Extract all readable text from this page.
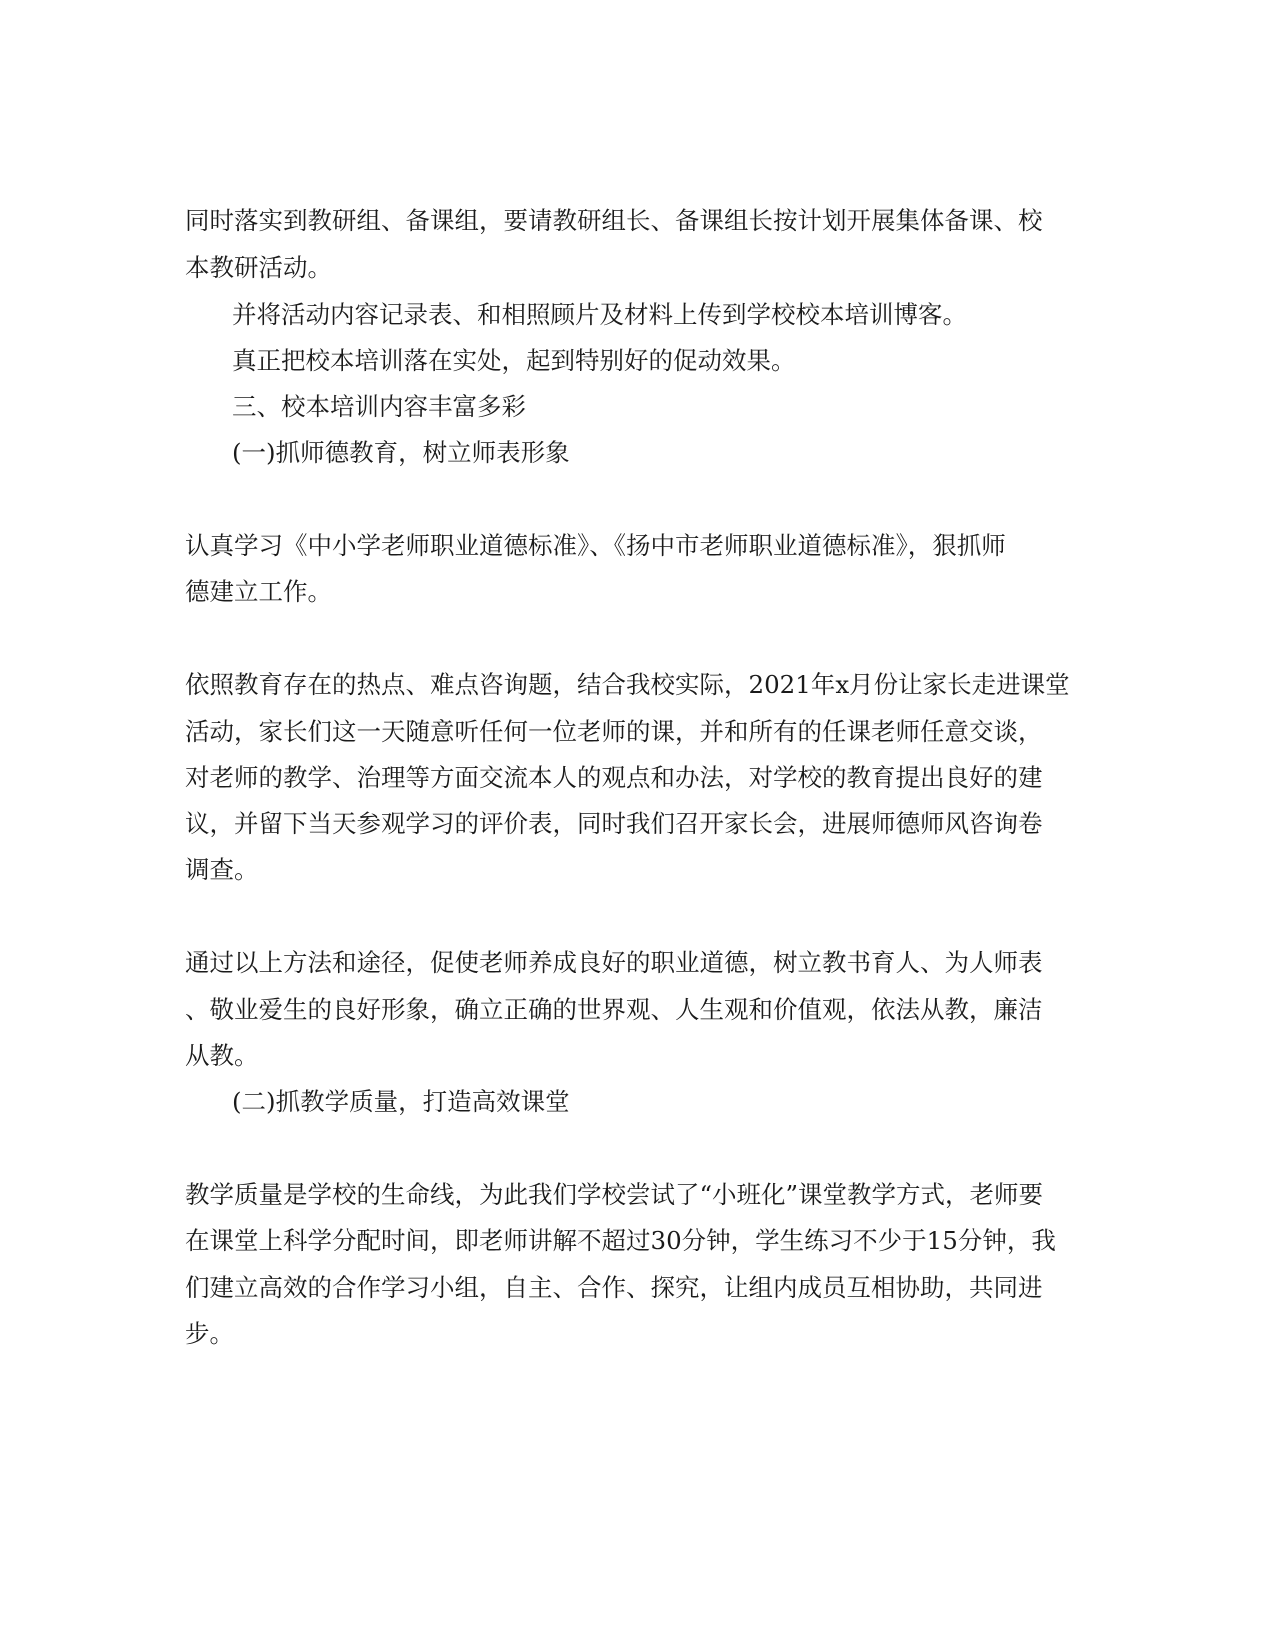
同时落实到教研组、备课组，要请教研组长、备课组长按计划开展集体备课、校
本教研活动。
并将活动内容记录表、和相照顾片及材料上传到学校校本培训博客。
真正把校本培训落在实处，起到特别好的促动效果。
三、校本培训内容丰富多彩
(一)抓师德教育，树立师表形象
认真学习《中小学老师职业道德标准》、《扬中市老师职业道德标准》，狠抓师
德建立工作。
依照教育存在的热点、难点咨询题，结合我校实际，2021年x月份让家长走进课堂
活动，家长们这一天随意听任何一位老师的课，并和所有的任课老师任意交谈，
对老师的教学、治理等方面交流本人的观点和办法，对学校的教育提出良好的建
议，并留下当天参观学习的评价表，同时我们召开家长会，进展师德师风咨询卷
调查。
通过以上方法和途径，促使老师养成良好的职业道德，树立教书育人、为人师表
、敬业爱生的良好形象，确立正确的世界观、人生观和价值观，依法从教，廉洁
从教。
(二)抓教学质量，打造高效课堂
教学质量是学校的生命线，为此我们学校尝试了“小班化”课堂教学方式，老师要
在课堂上科学分配时间，即老师讲解不超过30分钟，学生练习不少于15分钟，我
们建立高效的合作学习小组，自主、合作、探究，让组内成员互相协助，共同进
步。
